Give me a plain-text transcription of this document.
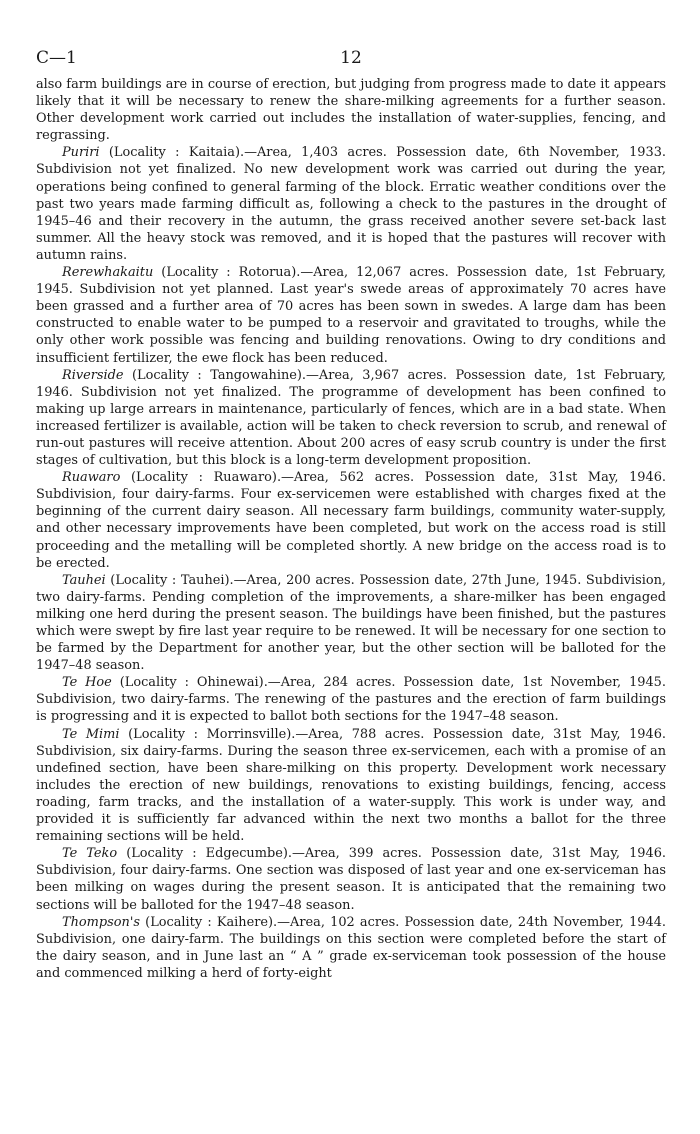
C—1	12

also farm buildings are in course of erection, but judging from progress made to date it appears likely that it will be necessary to renew the share-milking agreements for a further season. Other development work carried out includes the installation of water-supplies, fencing, and regrassing.

Puriri (Locality : Kaitaia).—Area, 1,403 acres. Possession date, 6th November, 1933. Subdivision not yet finalized. No new development work was carried out during the year, operations being confined to general farming of the block. Erratic weather conditions over the past two years made farming difficult as, following a check to the pastures in the drought of 1945–46 and their recovery in the autumn, the grass received another severe set-back last summer. All the heavy stock was removed, and it is hoped that the pastures will recover with autumn rains.

Rerewhakaitu (Locality : Rotorua).—Area, 12,067 acres. Possession date, 1st February, 1945. Subdivision not yet planned. Last year's swede areas of approximately 70 acres have been grassed and a further area of 70 acres has been sown in swedes. A large dam has been constructed to enable water to be pumped to a reservoir and gravitated to troughs, while the only other work possible was fencing and building renovations. Owing to dry conditions and insufficient fertilizer, the ewe flock has been reduced.

Riverside (Locality : Tangowahine).—Area, 3,967 acres. Possession date, 1st February, 1946. Subdivision not yet finalized. The programme of development has been confined to making up large arrears in maintenance, particularly of fences, which are in a bad state. When increased fertilizer is available, action will be taken to check reversion to scrub, and renewal of run-out pastures will receive attention. About 200 acres of easy scrub country is under the first stages of cultivation, but this block is a long-term development proposition.

Ruawaro (Locality : Ruawaro).—Area, 562 acres. Possession date, 31st May, 1946. Subdivision, four dairy-farms. Four ex-servicemen were established with charges fixed at the beginning of the current dairy season. All necessary farm buildings, community water-supply, and other necessary improvements have been completed, but work on the access road is still proceeding and the metalling will be completed shortly. A new bridge on the access road is to be erected.

Tauhei (Locality : Tauhei).—Area, 200 acres. Possession date, 27th June, 1945. Subdivision, two dairy-farms. Pending completion of the improvements, a share-milker has been engaged milking one herd during the present season. The buildings have been finished, but the pastures which were swept by fire last year require to be renewed. It will be necessary for one section to be farmed by the Department for another year, but the other section will be balloted for the 1947–48 season.

Te Hoe (Locality : Ohinewai).—Area, 284 acres. Possession date, 1st November, 1945. Subdivision, two dairy-farms. The renewing of the pastures and the erection of farm buildings is progressing and it is expected to ballot both sections for the 1947–48 season.

Te Mimi (Locality : Morrinsville).—Area, 788 acres. Possession date, 31st May, 1946. Subdivision, six dairy-farms. During the season three ex-servicemen, each with a promise of an undefined section, have been share-milking on this property. Development work necessary includes the erection of new buildings, renovations to existing buildings, fencing, access roading, farm tracks, and the installation of a water-supply. This work is under way, and provided it is sufficiently far advanced within the next two months a ballot for the three remaining sections will be held.

Te Teko (Locality : Edgecumbe).—Area, 399 acres. Possession date, 31st May, 1946. Subdivision, four dairy-farms. One section was disposed of last year and one ex-serviceman has been milking on wages during the present season. It is anticipated that the remaining two sections will be balloted for the 1947–48 season.

Thompson's (Locality : Kaihere).—Area, 102 acres. Possession date, 24th November, 1944. Subdivision, one dairy-farm. The buildings on this section were completed before the start of the dairy season, and in June last an “ A ” grade ex-serviceman took possession of the house and commenced milking a herd of forty-eight
